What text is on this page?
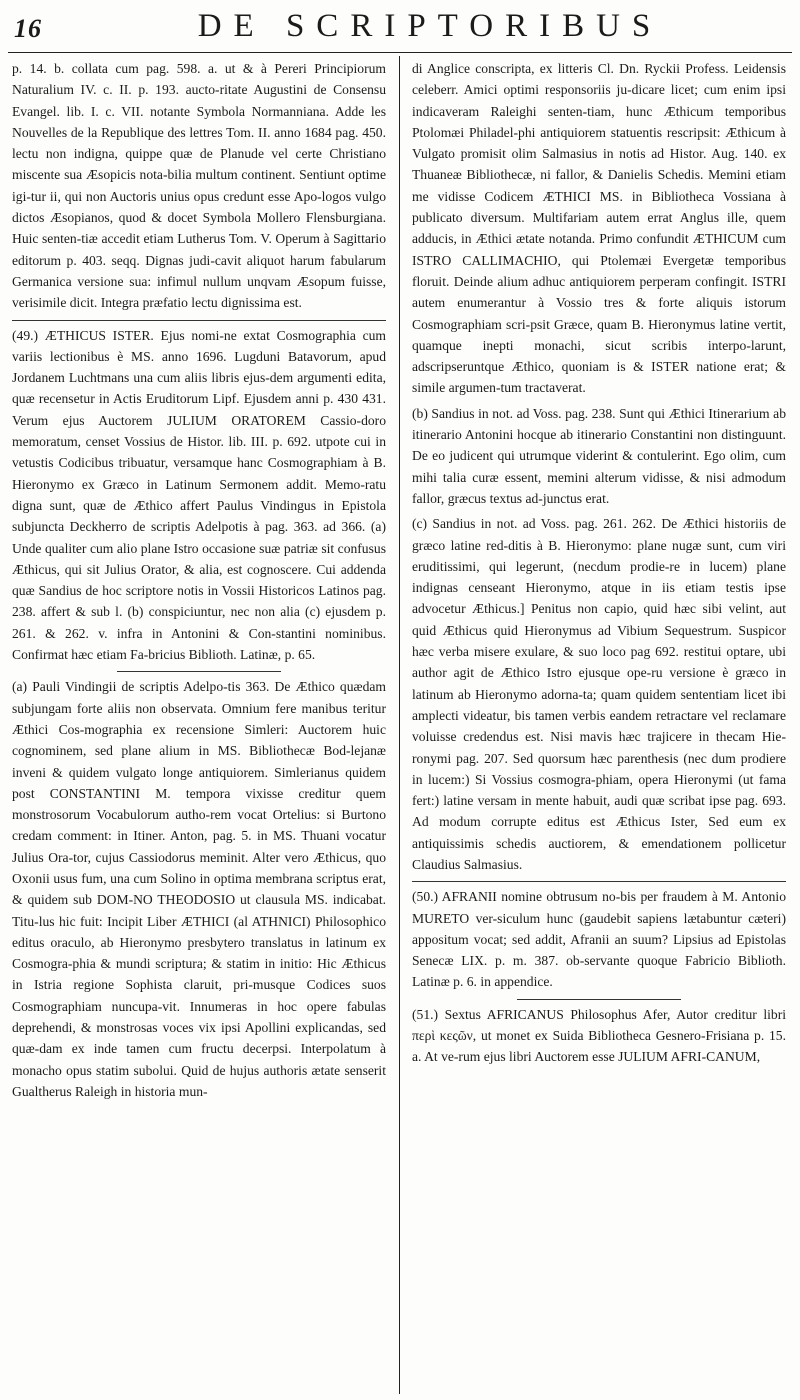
16	DE SCRIPTORIBUS

p. 14. b. collata cum pag. 598. a. ut & à Pereri Principiorum Naturalium IV. c. II. p. 193. aucto-ritate Augustini de Consensu Evangel. lib. I. c. VII. notante Symbola Normanniana. Adde les Nouvelles de la Republique des lettres Tom. II. anno 1684 pag. 450. lectu non indigna, quippe quæ de Planude vel certe Christiano miscente sua Æsopicis nota-bilia multum continent. Sentiunt optime igi-tur ii, qui non Auctoris unius opus credunt esse Apo-logos vulgo dictos Æsopianos, quod & docet Symbola Mollero Flensburgiana. Huic senten-tiæ accedit etiam Lutherus Tom. V. Operum à Sagittario editorum p. 403. seqq. Dignas judi-cavit aliquot harum fabularum Germanica versione sua: infimul nullum unqvam Æsopum fuisse, verisimile dicit. Integra præfatio lectu dignissima est.

(49.) ÆTHICUS ISTER. Ejus nomi-ne extat Cosmographia cum variis lectionibus è MS. anno 1696. Lugduni Batavorum, apud Jordanem Luchtmans una cum aliis libris ejus-dem argumenti edita, quæ recensetur in Actis Eruditorum Lipf. Ejusdem anni p. 430 431. Verum ejus Auctorem JULIUM ORATOREM Cassio-doro memoratum, censet Vossius de Histor. lib. III. p. 692. utpote cui in vetustis Codicibus tribuatur, versamque hanc Cosmographiam à B. Hieronymo ex Græco in Latinum Sermonem addit. Memo-ratu digna sunt, quæ de Æthico affert Paulus Vindingus in Epistola subjuncta Deckherro de scriptis Adelpotis à pag. 363. ad 366. (a) Unde qualiter cum alio plane Istro occasione suæ patriæ sit confusus Æthicus, qui sit Julius Orator, & alia, est cognoscere. Cui addenda quæ Sandius de hoc scriptore notis in Vossii Historicos Latinos pag. 238. affert & sub l. (b) conspiciuntur, nec non alia (c) ejusdem p. 261. & 262. v. infra in Antonini & Con-stantini nominibus. Confirmat hæc etiam Fa-bricius Biblioth. Latinæ, p. 65.

(a) Pauli Vindingii de scriptis Adelpo-tis 363. De Æthico quædam subjungam forte aliis non observata. Omnium fere manibus teritur Æthici Cos-mographia ex recensione Simleri: Auctorem huic cognominem, sed plane alium in MS. Bibliothecæ Bod-lejanæ inveni & quidem vulgato longe antiquiorem. Simlerianus quidem post CONSTANTINI M. tempora vixisse creditur quem monstrosorum Vocabulorum autho-rem vocat Ortelius: si Burtono credam comment: in Itiner. Anton, pag. 5. in MS. Thuani vocatur Julius Ora-tor, cujus Cassiodorus meminit. Alter vero Æthicus, quo Oxonii usus fum, una cum Solino in optima membrana scriptus erat, & quidem sub DOM-NO THEODOSIO ut clausula MS. indicabat. Titu-lus hic fuit: Incipit Liber ÆTHICI (al ATHNICI) Philosophico editus oraculo, ab Hieronymo presbytero translatus in latinum ex Cosmogra-phia & mundi scriptura; & statim in initio: Hic Æthicus in Istria regione Sophista claruit, pri-musque Codices suos Cosmographiam nuncupa-vit. Innumeras in hoc opere fabulas deprehendi, & monstrosas voces vix ipsi Apollini explicandas, sed quæ-dam ex inde tamen cum fructu decerpsi. Interpolatum à monacho opus statim subolui. Quid de hujus authoris ætate senserit Gualtherus Raleigh in historia mun-

di Anglice conscripta, ex litteris Cl. Dn. Ryckii Profess. Leidensis celeberr. Amici optimi responsoriis ju-dicare licet; cum enim ipsi indicaveram Raleighi senten-tiam, hunc Æthicum temporibus Ptolomæi Philadel-phi antiquiorem statuentis rescripsit: Æthicum à Vulgato promisit olim Salmasius in notis ad Histor. Aug. 140. ex Thuaneæ Bibliothecæ, ni fallor, & Danielis Schedis. Memini etiam me vidisse Codicem ÆTHICI MS. in Bibliotheca Vossiana à publicato diversum. Multifariam autem errat Anglus ille, quem adducis, in Æthici ætate notanda. Primo confundit ÆTHICUM cum ISTRO CALLIMACHIO, qui Ptolemæi Evergetæ temporibus floruit. Deinde alium adhuc antiquiorem perperam confingit. ISTRI autem enumerantur à Vossio tres & forte aliquis istorum Cosmographiam scri-psit Græce, quam B. Hieronymus latine vertit, quamque inepti monachi, sicut scribis interpo-larunt, adscripseruntque Æthico, quoniam is & ISTER natione erat; & simile argumen-tum tractaverat.

(b) Sandius in not. ad Voss. pag. 238. Sunt qui Æthici Itinerarium ab itinerario Antonini hocque ab itinerario Constantini non distinguunt. De eo judicent qui utrumque viderint & contulerint. Ego olim, cum mihi talia curæ essent, memini alterum vidisse, & nisi admodum fallor, græcus textus ad-junctus erat.

(c) Sandius in not. ad Voss. pag. 261. 262. De Æthici historiis de græco latine red-ditis à B. Hieronymo: plane nugæ sunt, cum viri eruditissimi, qui legerunt, (necdum prodie-re in lucem) plane indignas censeant Hieronymo, atque in iis etiam testis ipse advocetur Æthicus.] Penitus non capio, quid hæc sibi velint, aut quid Æthicus quid Hieronymus ad Vibium Sequestrum. Suspicor hæc verba misere exulare, & suo loco pag 692. restitui optare, ubi author agit de Æthico Istro ejusque ope-ru versione è græco in latinum ab Hieronymo adorna-ta; quam quidem sententiam licet ibi amplecti videatur, bis tamen verbis eandem retractare vel reclamare voluisse credendus est. Nisi mavis hæc trajicere in thecam Hie-ronymi pag. 207. Sed quorsum hæc parenthesis (nec dum prodiere in lucem:) Si Vossius cosmogra-phiam, opera Hieronymi (ut fama fert:) latine versam in mente habuit, audi quæ scribat ipse pag. 693. Ad modum corrupte editus est Æthicus Ister, Sed eum ex antiquissimis schedis auctiorem, & emendationem pollicetur Claudius Salmasius.

(50.) AFRANII nomine obtrusum no-bis per fraudem à M. Antonio MURETO ver-siculum hunc (gaudebit sapiens lætabuntur cæteri) appositum vocat; sed addit, Afranii an suum? Lipsius ad Epistolas Senecæ LIX. p. m. 387. ob-servante quoque Fabricio Biblioth. Latinæ p. 6. in appendice.

(51.) Sextus AFRICANUS Philosophus Afer, Autor creditur libri περὶ κεςῶν, ut monet ex Suida Bibliotheca Gesnero-Frisiana p. 15. a. At ve-rum ejus libri Auctorem esse JULIUM AFRI-CANUM,
